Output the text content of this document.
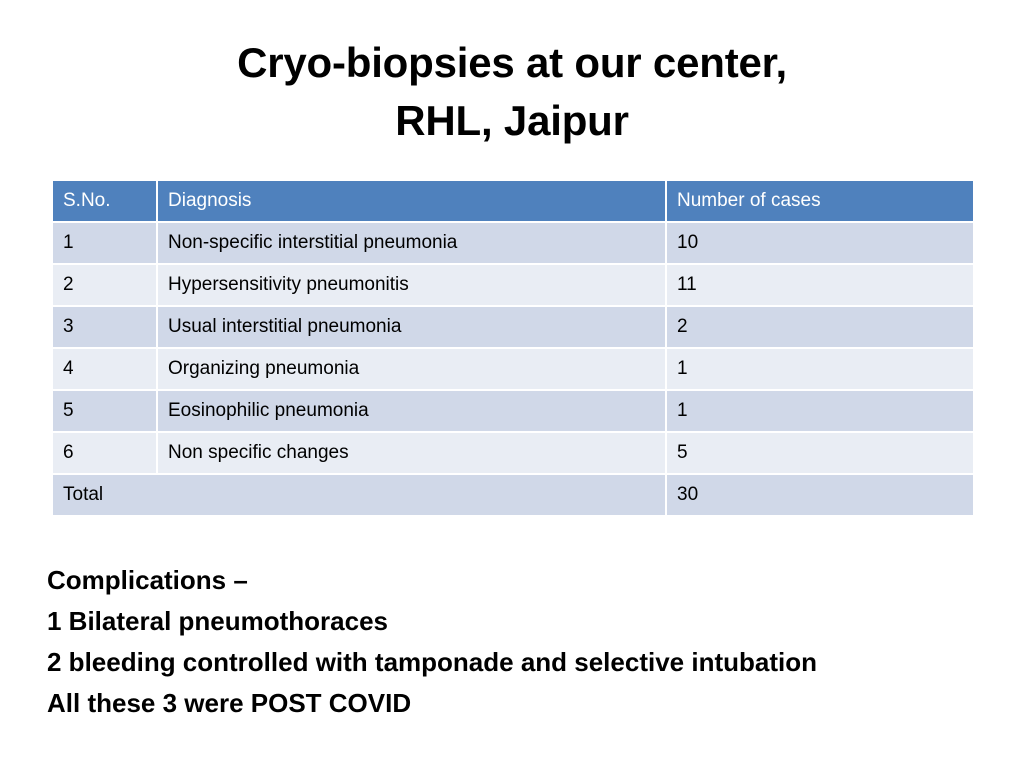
Cryo-biopsies at our center,
RHL, Jaipur
S.No.	Diagnosis	Number of cases
1	Non-specific interstitial pneumonia	10
2	Hypersensitivity pneumonitis	11
3	Usual interstitial pneumonia	2
4	Organizing pneumonia	1
5	Eosinophilic pneumonia	1
6	Non specific changes	5
Total		30
Complications –
1 Bilateral pneumothoraces
2 bleeding controlled with tamponade and selective intubation
All these 3 were POST COVID
